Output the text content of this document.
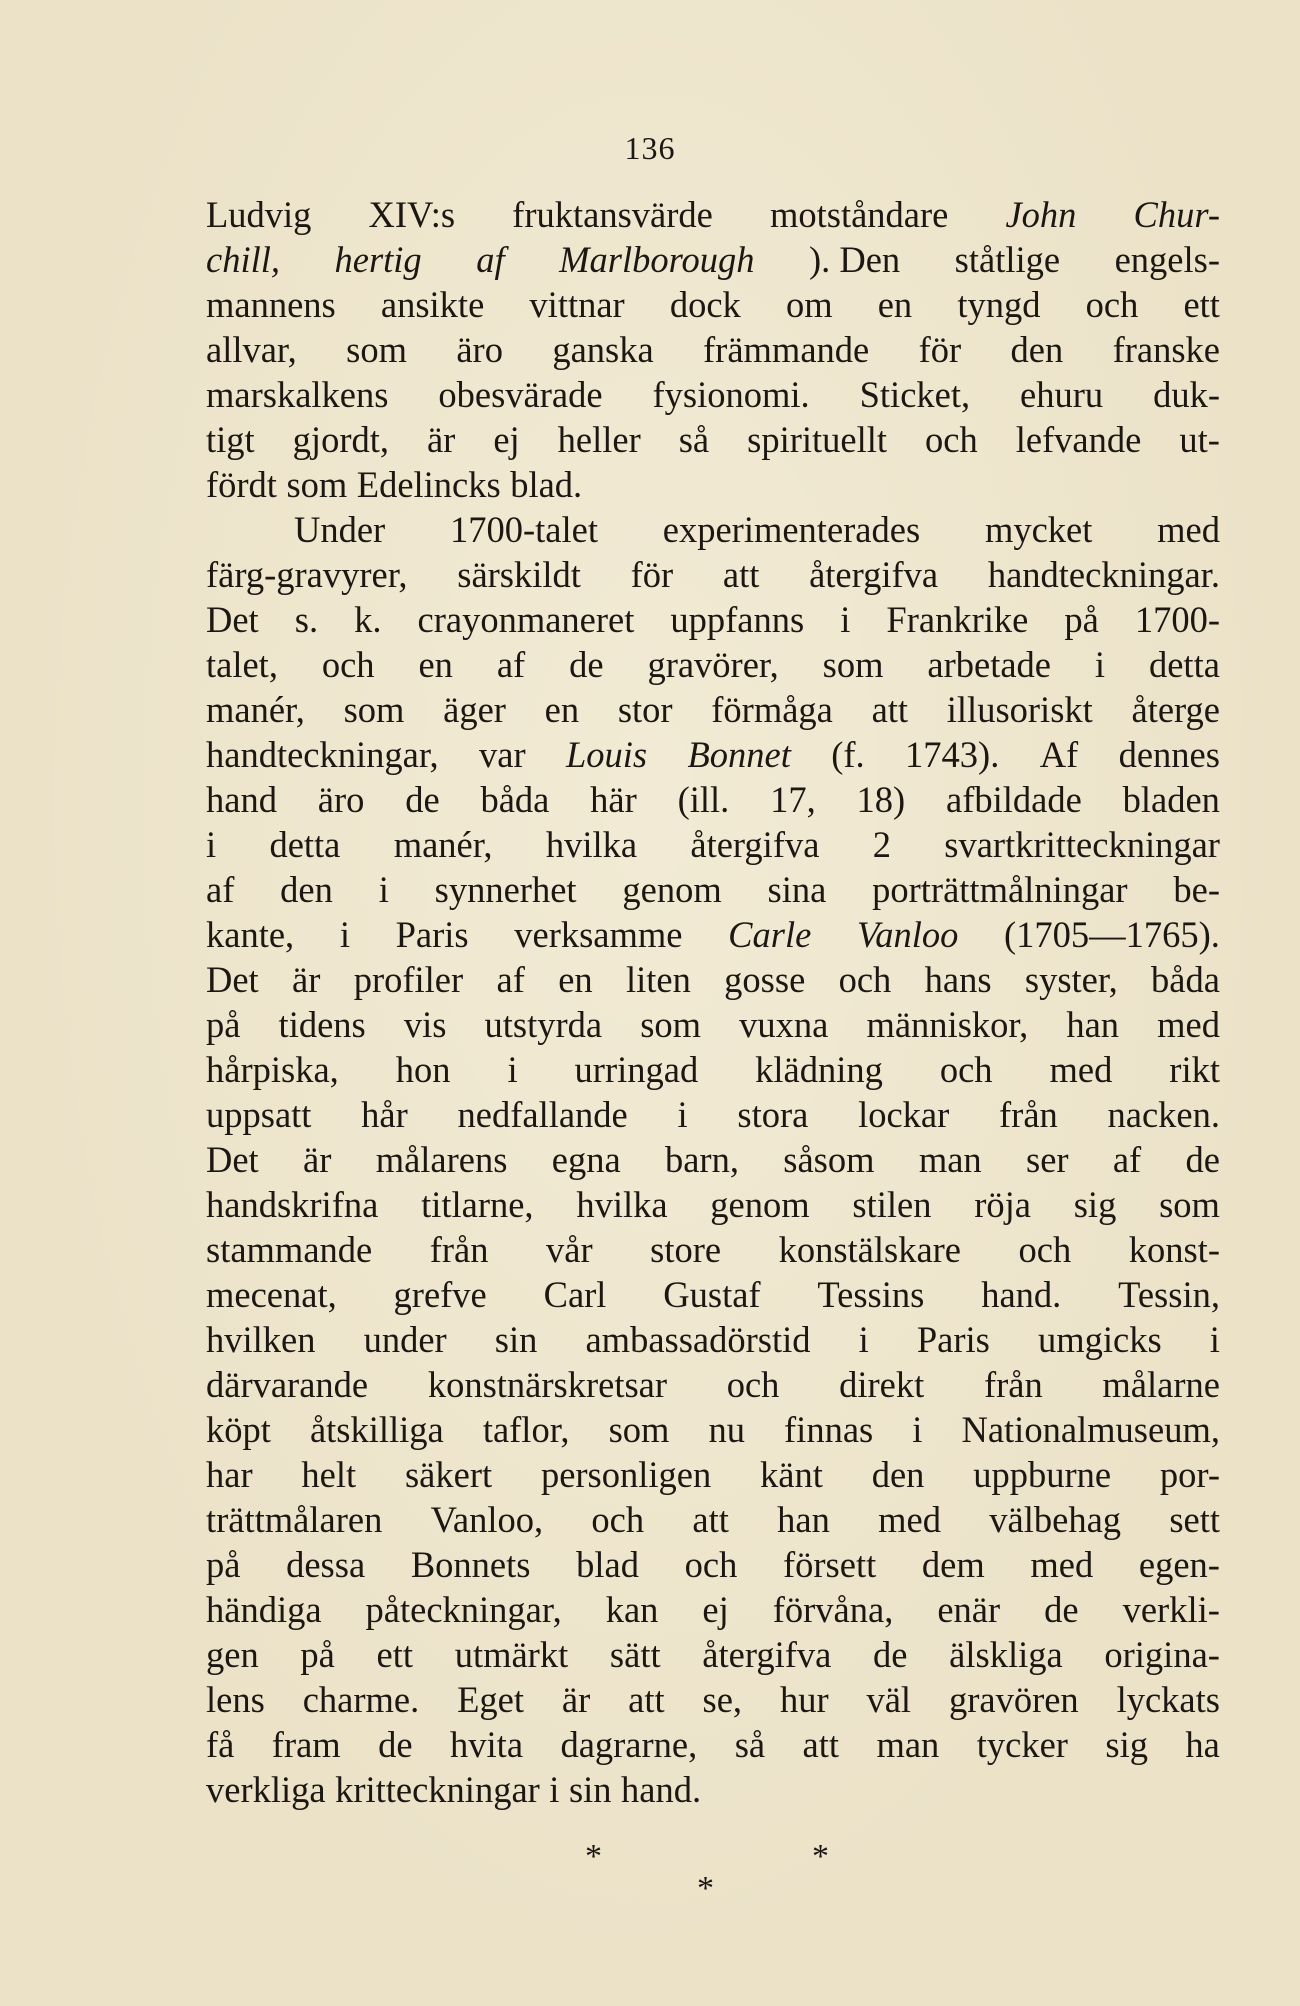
136
Ludvig XIV:s fruktansvärde motståndare John Chur-
chill, hertig af Marlborough ). Den ståtlige engels-
mannens ansikte vittnar dock om en tyngd och ett
allvar, som äro ganska främmande för den franske
marskalkens obesvärade fysionomi. Sticket, ehuru duk-
tigt gjordt, är ej heller så spirituellt och lefvande ut-
fördt som Edelincks blad.
Under 1700-talet experimenterades mycket med
färg-gravyrer, särskildt för att återgifva handteckningar.
Det s. k. crayonmaneret uppfanns i Frankrike på 1700-
talet, och en af de gravörer, som arbetade i detta
manér, som äger en stor förmåga att illusoriskt återge
handteckningar, var Louis Bonnet (f. 1743). Af dennes
hand äro de båda här (ill. 17, 18) afbildade bladen
i detta manér, hvilka återgifva 2 svartkritteckningar
af den i synnerhet genom sina porträttmålningar be-
kante, i Paris verksamme Carle Vanloo (1705—1765).
Det är profiler af en liten gosse och hans syster, båda
på tidens vis utstyrda som vuxna människor, han med
hårpiska, hon i urringad klädning och med rikt
uppsatt hår nedfallande i stora lockar från nacken.
Det är målarens egna barn, såsom man ser af de
handskrifna titlarne, hvilka genom stilen röja sig som
stammande från vår store konstälskare och konst-
mecenat, grefve Carl Gustaf Tessins hand. Tessin,
hvilken under sin ambassadörstid i Paris umgicks i
därvarande konstnärskretsar och direkt från målarne
köpt åtskilliga taflor, som nu finnas i Nationalmuseum,
har helt säkert personligen känt den uppburne por-
trättmålaren Vanloo, och att han med välbehag sett
på dessa Bonnets blad och försett dem med egen-
händiga påteckningar, kan ej förvåna, enär de verkli-
gen på ett utmärkt sätt återgifva de älskliga origina-
lens charme. Eget är att se, hur väl gravören lyckats
få fram de hvita dagrarne, så att man tycker sig ha
verkliga kritteckningar i sin hand.
*	*
*
